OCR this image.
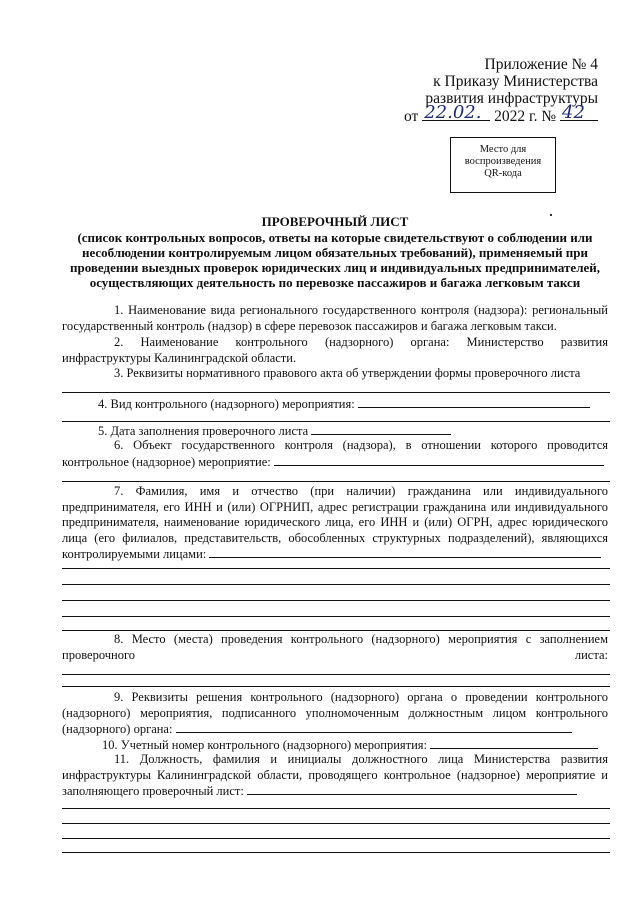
Приложение № 4
к Приказу Министерства
развития инфраструктуры
от 22.02. 2022 г. № 42
Место для
воспроизведения
QR-кода
ПРОВЕРОЧНЫЙ ЛИСТ
(список контрольных вопросов, ответы на которые свидетельствуют о соблюдении или
несоблюдении контролируемым лицом обязательных требований), применяемый при
проведении выездных проверок юридических лиц и индивидуальных предпринимателей,
осуществляющих деятельность по перевозке пассажиров и багажа легковым такси
1. Наименование вида регионального государственного контроля (надзора): региональный государственный контроль (надзор) в сфере перевозок пассажиров и багажа легковым такси.
2. Наименование контрольного (надзорного) органа: Министерство развития инфраструктуры Калининградской области.
3. Реквизиты нормативного правового акта об утверждении формы проверочного листа
4. Вид контрольного (надзорного) мероприятия:
5. Дата заполнения проверочного листа
6. Объект государственного контроля (надзора), в отношении которого проводится контрольное (надзорное) мероприятие:
7. Фамилия, имя и отчество (при наличии) гражданина или индивидуального предпринимателя, его ИНН и (или) ОГРНИП, адрес регистрации гражданина или индивидуального предпринимателя, наименование юридического лица, его ИНН и (или) ОГРН, адрес юридического лица (его филиалов, представительств, обособленных структурных подразделений), являющихся контролируемыми лицами:
8. Место (места) проведения контрольного (надзорного) мероприятия с заполнением проверочного листа:
9. Реквизиты решения контрольного (надзорного) органа о проведении контрольного (надзорного) мероприятия, подписанного уполномоченным должностным лицом контрольного (надзорного) органа:
10. Учетный номер контрольного (надзорного) мероприятия:
11. Должность, фамилия и инициалы должностного лица Министерства развития инфраструктуры Калининградской области, проводящего контрольное (надзорное) мероприятие и заполняющего проверочный лист:
